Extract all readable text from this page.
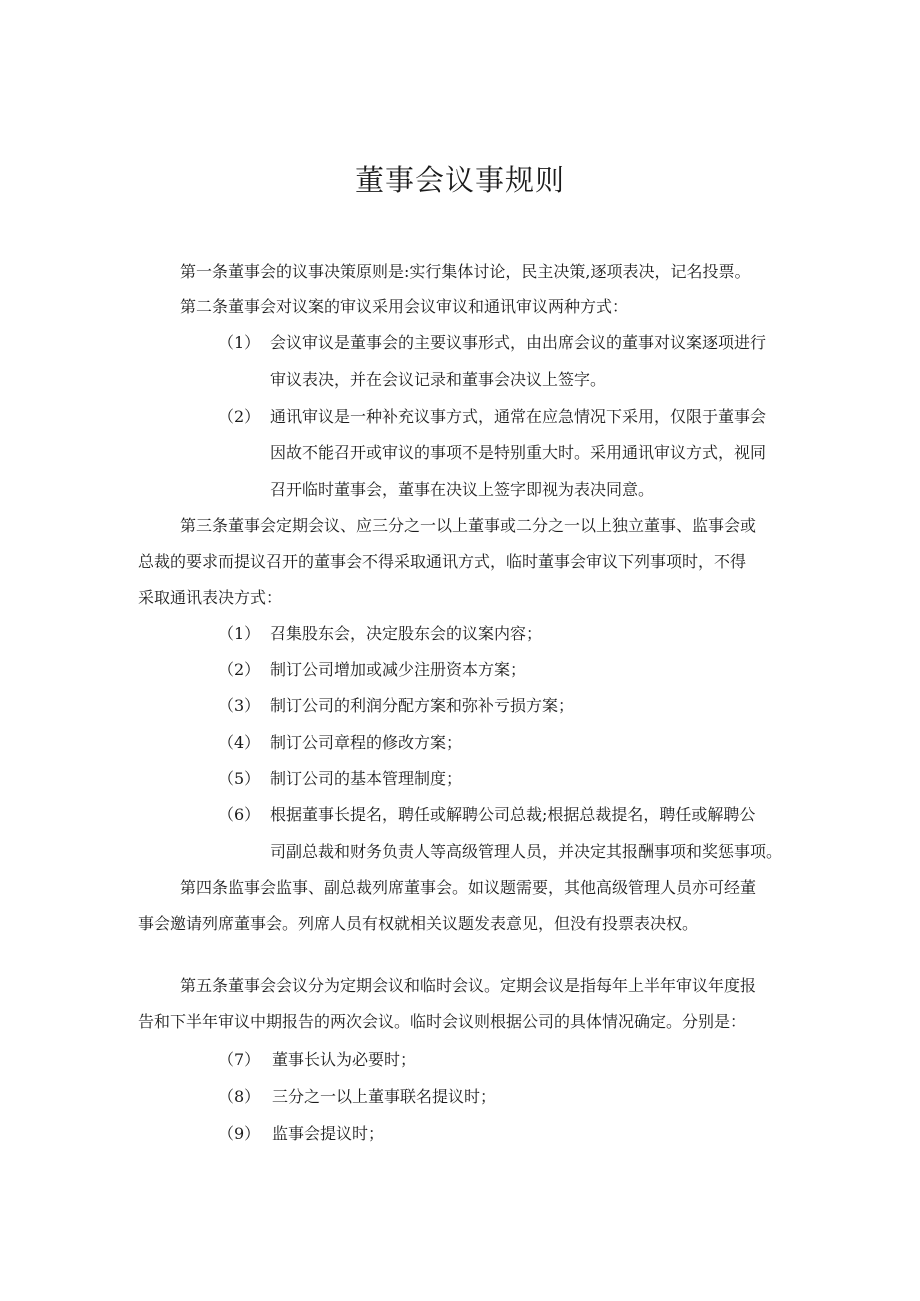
董事会议事规则

第一条董事会的议事决策原则是:实行集体讨论，民主决策,逐项表决，记名投票。

第二条董事会对议案的审议采用会议审议和通讯审议两种方式：

（1） 会议审议是董事会的主要议事形式，由出席会议的董事对议案逐项进行

审议表决，并在会议记录和董事会决议上签字。

（2） 通讯审议是一种补充议事方式，通常在应急情况下采用，仅限于董事会

因故不能召开或审议的事项不是特别重大时。采用通讯审议方式，视同

召开临时董事会，董事在决议上签字即视为表决同意。

第三条董事会定期会议、应三分之一以上董事或二分之一以上独立董事、监事会或

总裁的要求而提议召开的董事会不得采取通讯方式，临时董事会审议下列事项时，不得

采取通讯表决方式：

（1） 召集股东会，决定股东会的议案内容；

（2） 制订公司增加或减少注册资本方案；

（3） 制订公司的利润分配方案和弥补亏损方案；

（4） 制订公司章程的修改方案；

（5） 制订公司的基本管理制度；

（6） 根据董事长提名，聘任或解聘公司总裁;根据总裁提名，聘任或解聘公

司副总裁和财务负责人等高级管理人员，并决定其报酬事项和奖惩事项。

第四条监事会监事、副总裁列席董事会。如议题需要，其他高级管理人员亦可经董

事会邀请列席董事会。列席人员有权就相关议题发表意见，但没有投票表决权。

第五条董事会会议分为定期会议和临时会议。定期会议是指每年上半年审议年度报

告和下半年审议中期报告的两次会议。临时会议则根据公司的具体情况确定。分别是：

（7） 董事长认为必要时；

（8） 三分之一以上董事联名提议时；

（9） 监事会提议时；
